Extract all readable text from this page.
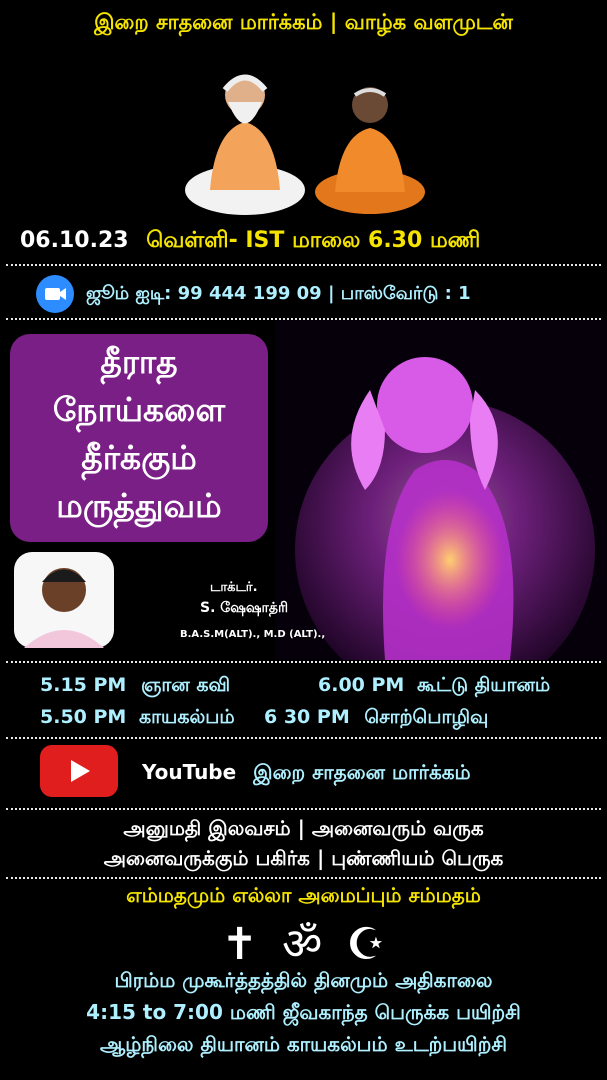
இறை சாதனை மார்க்கம் | வாழ்க வளமுடன்
06.10.23 வெள்ளி- IST மாலை 6.30 மணி
ஜூம் ஐடி: 99 444 199 09 | பாஸ்வேர்டு : 1
தீராத
நோய்களை
தீர்க்கும்
மருத்துவம்
டாக்டர்.
S. ஷேஷாத்ரி
B.A.S.M(ALT)., M.D (ALT).,
5.15 PM ஞான கவி	6.00 PM கூட்டு தியானம்
5.50 PM காயகல்பம் 6 30 PM சொற்பொழிவு
YouTube இறை சாதனை மார்க்கம்
அனுமதி இலவசம் | அனைவரும் வருக
அனைவருக்கும் பகிர்க | புண்ணியம் பெருக
எம்மதமும் எல்லா அமைப்பும் சம்மதம்
✝ ॐ ☪
பிரம்ம முகூர்த்தத்தில் தினமும் அதிகாலை
4:15 to 7:00 மணி ஜீவகாந்த பெருக்க பயிற்சி
ஆழ்நிலை தியானம் காயகல்பம் உடற்பயிற்சி
